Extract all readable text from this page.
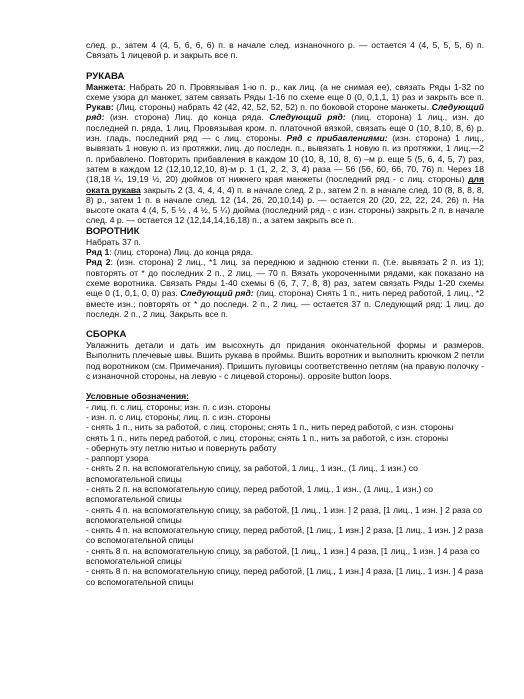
след. р., затем 4 (4, 5, 6, 6, 6) п. в начале след. изнаночного р. — остается 4 (4, 5, 5, 5, 6) п. Связать 1 лицевой р. и закрыть все п.

РУКАВА

Манжета: Набрать 20 п. Провязывая 1-ю п. р., как лиц. (а не снимая ее), связать Ряды 1-32 по схеме узора дл манжет, затем связать Ряды 1-16 по схеме еще 0 (0, 0,1,1, 1) раз и закрыть все п. Рукав: (Лиц. стороны) набрать 42 (42, 42, 52, 52, 52) п. по боковой стороне манжеты. Следующий ряд: (изн. сторона) Лиц. до конца ряда. Следующий ряд: (лиц. сторона) 1 лиц., изн. до последней п. ряда, 1 лиц. Провязывая кром. п. платочной вязкой, связать еще 0 (10, 8,10, 8, 6) р. изн. гладь, последний ряд — с лиц. стороны. Ряд с прибавлениями: (изн. сторона) 1 лиц., вывязать 1 новую п. из протяжки, лиц. до последн. п., вывязать 1 новую п. из протяжки, 1 лиц.—2 п. прибавлено. Повторить прибавления в каждом 10 (10, 8, 10, 8, 6) –м р. еще 5 (5, 6, 4, 5, 7) раз, затем в каждом 12 (12,10,12,10, 8)-м р. 1 (1, 2, 2, 3, 4) раза — 56 (56, 60, 66, 70, 76) п. Через 18 (18,18 ¼, 19,19 ½, 20) дюймов от нижнего края манжеты (последний ряд - с лиц. стороны) для оката рукава закрыть 2 (3, 4, 4, 4, 4) п. в начале след. 2 р., затем 2 п. в начале след. 10 (8, 8, 8, 8, 8) р., затем 1 п. в начале след. 12 (14, 26, 20,10,14) р. — остается 20 (20, 22, 22, 24, 26) п. На высоте оката 4 (4, 5, 5 ½ , 4 ½, 5 ¼) дюйма (последний ряд - с изн. стороны) закрыть 2 п. в начале след. 4 р. — остается 12 (12,14,14,16,18) п., а затем закрыть все п.

ВОРОТНИК

Набрать 37 п.

Ряд 1: (лиц. сторона) Лиц. до конца ряда.

Ряд 2: (изн. сторона) 2 лиц., *1 лиц. за переднюю и заднюю стенки п. (т.е. вывязать 2 п. из 1); повторять от * до последних 2 п., 2 лиц. — 70 п. Вязать укороченными рядами, как показано на схеме воротника. Связать Ряды 1-40 схемы 6 (6, 7, 7, 8, 8) раз, затем связать Ряды 1-20 схемы еще 0 (1, 0,1, 0, 0) раз. Следующий ряд: (лиц. сторона) Снять 1 п., нить перед работой, 1 лиц., *2 вместе изн.; повторять от * до последн. 2 п., 2 лиц. — остается 37 п. Следующий ряд: 1 лиц. до последн. 2 п., 2 лиц. Закрыть все п.

СБОРКА

Увлажнить детали и дать им высохнуть дл придания окончательной формы и размеров. Выполнить плечевые швы. Вшить рукава в проймы. Вшить воротник и выполнить крючком 2 петли под воротником (см. Примечания). Пришить пуговицы соответственно петлям (на правую полочку - с изнаночной стороны, на левую - с лицевой стороны). opposite button loops.

Условные обозначения:

- лиц. п. с лиц. стороны; изн. п. с изн. стороны

- изн. п. с лиц. стороны; лиц. п. с изн. стороны

- снять 1 п., нить за работой, с лиц. стороны; снять 1 п., нить перед работой, с изн. стороны

снять 1 п., нить перед работой, с лиц. стороны; снять 1 п., нить за работой, с изн. стороны

- обернуть эту петлю нитью и повернуть работу

- раппорт узора

- снять 2 п. на вспомогательную спицу, за работой, 1 лиц., 1 изн., (1 лиц., 1 изн.) со вспомогательной спицы

- снять 2 п. на вспомогательную спицу, перед работой, 1 лиц., 1 изн., (1 лиц., 1 изн.) со вспомогательной спицы

- снять 4 п. на вспомогательную спицу, за работой, [1 лиц., 1 изн. ] 2 раза, [1 лиц., 1 изн. ] 2 раза со вспомогательной спицы

- снять 4 п. на вспомогательную спицу, перед работой, [1 лиц., 1 изн.] 2 раза, [1 лиц., 1 изн. ] 2 раза со вспомогательной спицы

- снять 8 п. на вспомогательную спицу, за работой, [1 лиц., 1 изн.] 4 раза, [1 лиц., 1 изн. ] 4 раза со вспомогательной спицы

- снять 8 п. на вспомогательную спицу, перед работой, [1 лиц., 1 изн.] 4 раза, [1 лиц., 1 изн. ] 4 раза со вспомогательной спицы
